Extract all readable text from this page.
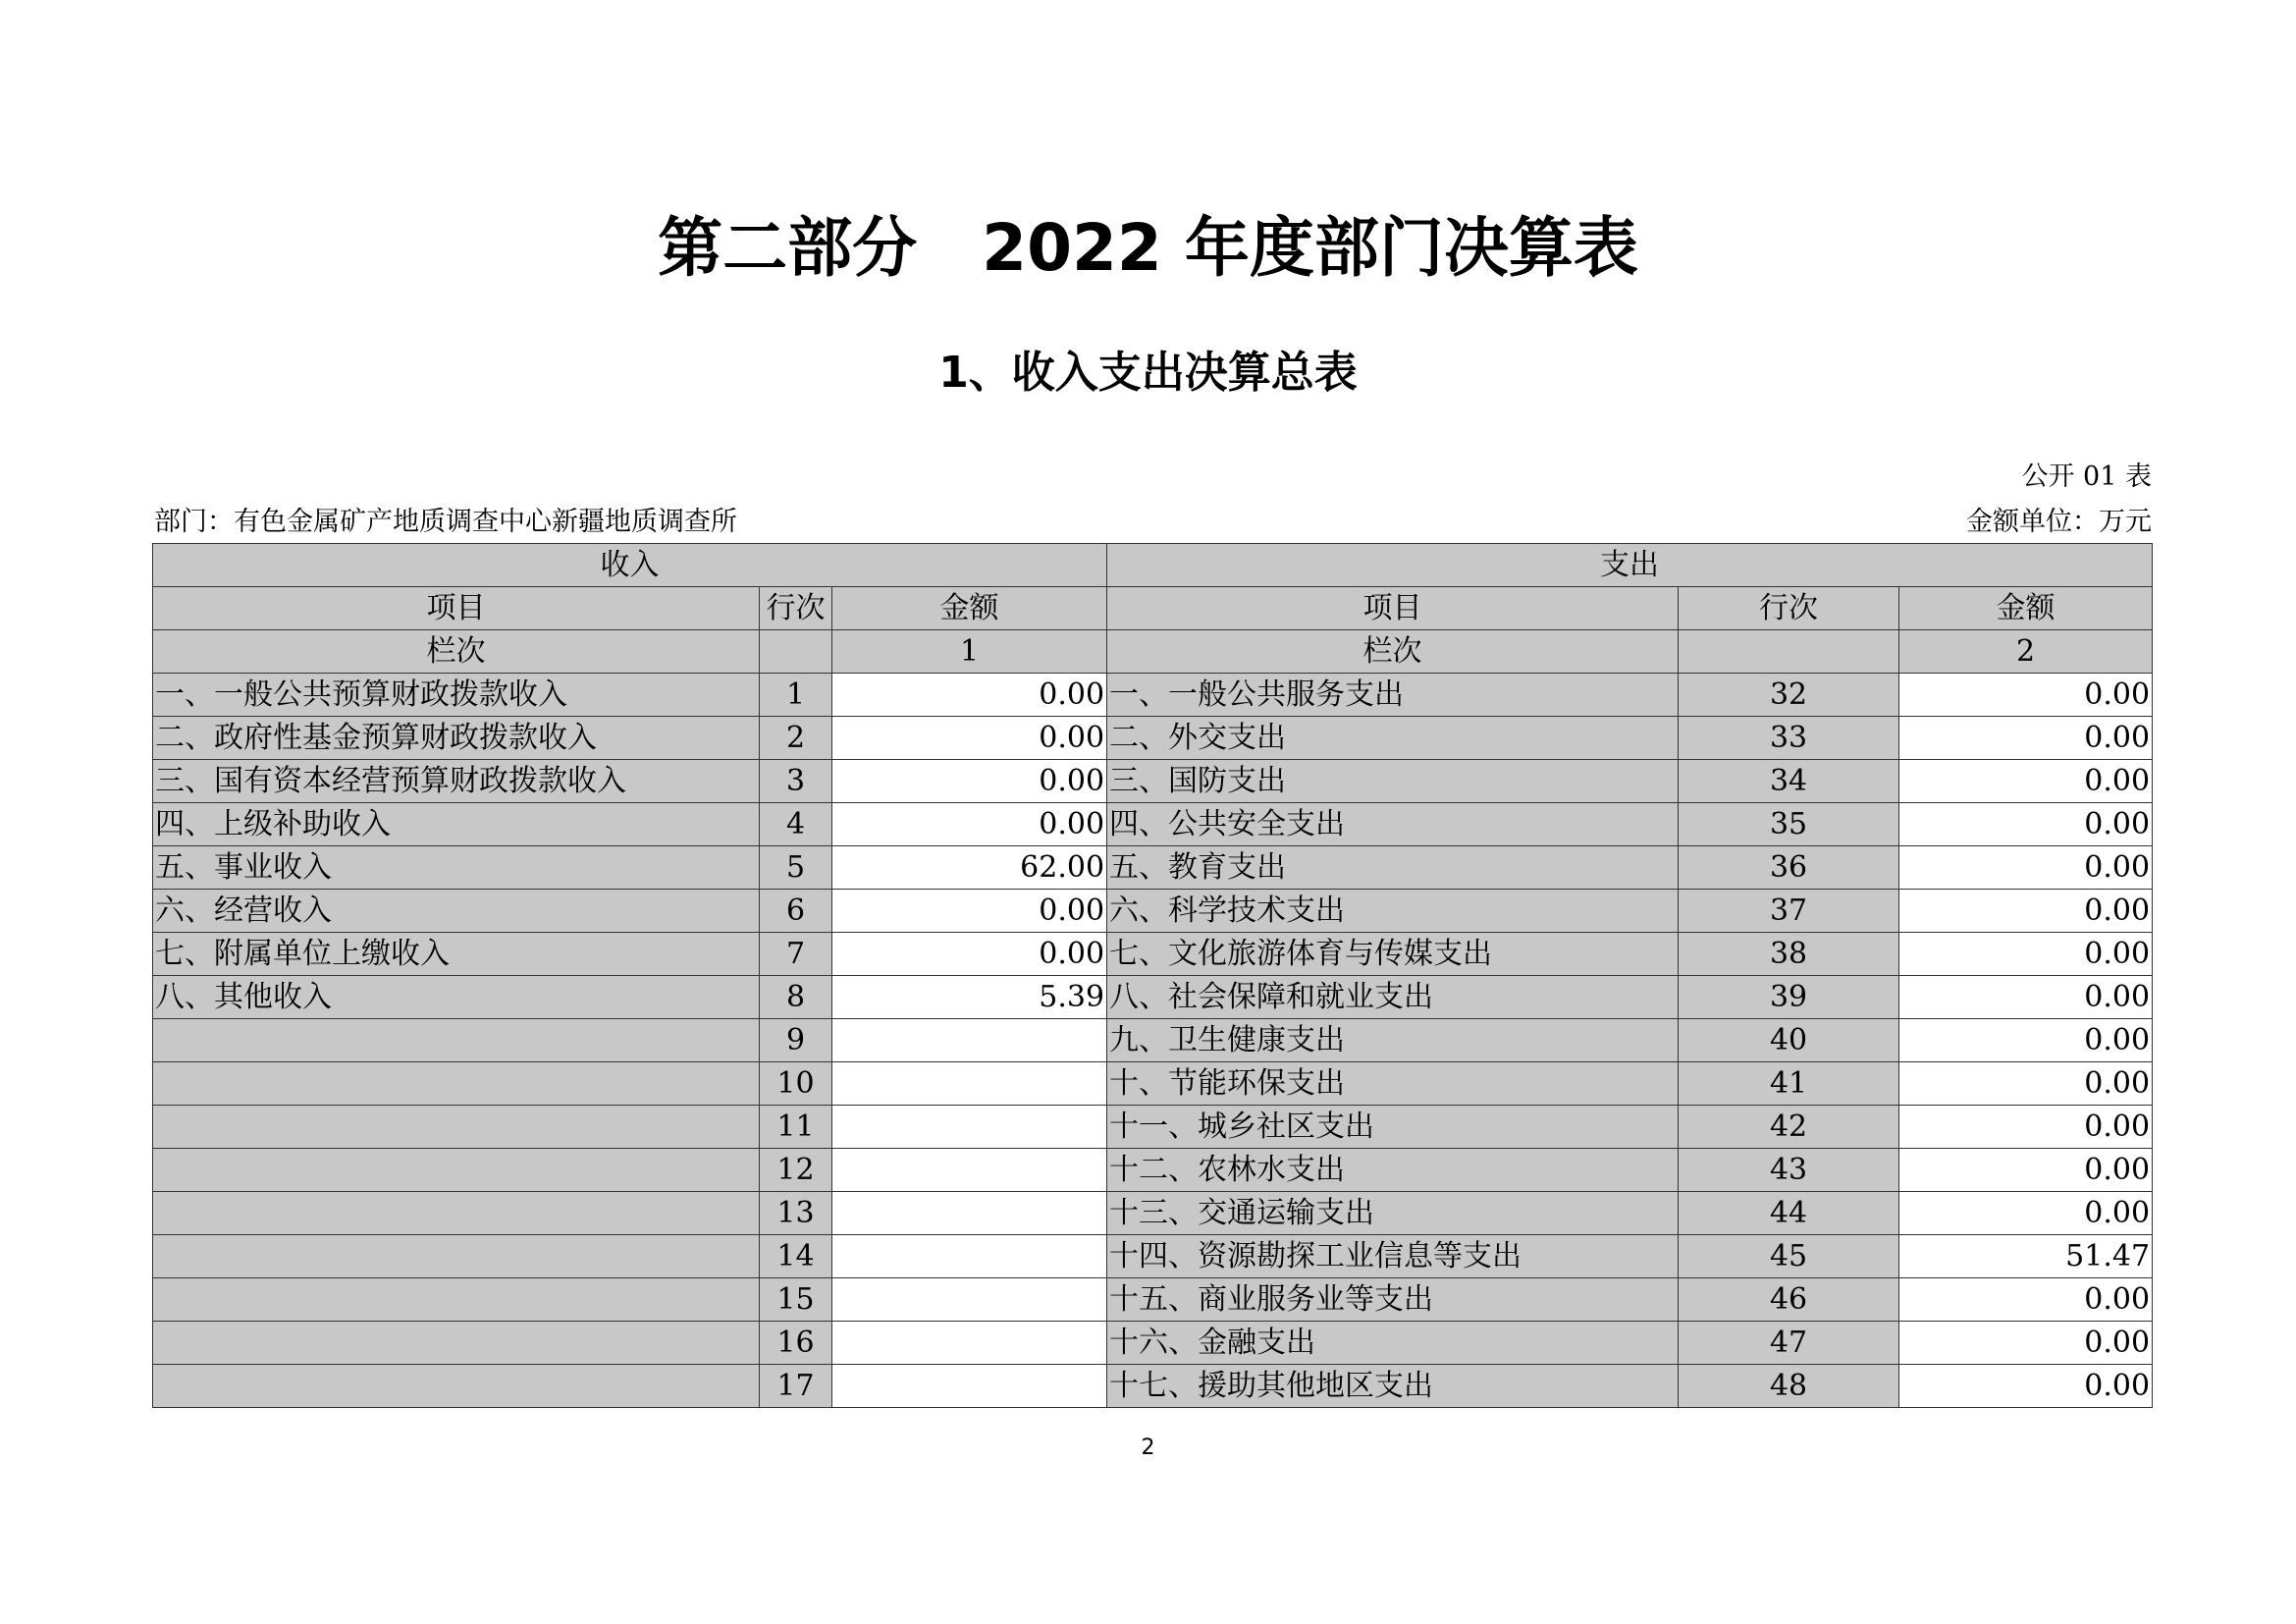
第二部分　2022 年度部门决算表
1、收入支出决算总表
公开 01 表
部门：有色金属矿产地质调查中心新疆地质调查所	金额单位：万元
收入			支出		
项目	行次	金额	项目	行次	金额
栏次		1	栏次		2
一、一般公共预算财政拨款收入	1	0.00	一、一般公共服务支出	32	0.00
二、政府性基金预算财政拨款收入	2	0.00	二、外交支出	33	0.00
三、国有资本经营预算财政拨款收入	3	0.00	三、国防支出	34	0.00
四、上级补助收入	4	0.00	四、公共安全支出	35	0.00
五、事业收入	5	62.00	五、教育支出	36	0.00
六、经营收入	6	0.00	六、科学技术支出	37	0.00
七、附属单位上缴收入	7	0.00	七、文化旅游体育与传媒支出	38	0.00
八、其他收入	8	5.39	八、社会保障和就业支出	39	0.00
	9		九、卫生健康支出	40	0.00
	10		十、节能环保支出	41	0.00
	11		十一、城乡社区支出	42	0.00
	12		十二、农林水支出	43	0.00
	13		十三、交通运输支出	44	0.00
	14		十四、资源勘探工业信息等支出	45	51.47
	15		十五、商业服务业等支出	46	0.00
	16		十六、金融支出	47	0.00
	17		十七、援助其他地区支出	48	0.00
2
